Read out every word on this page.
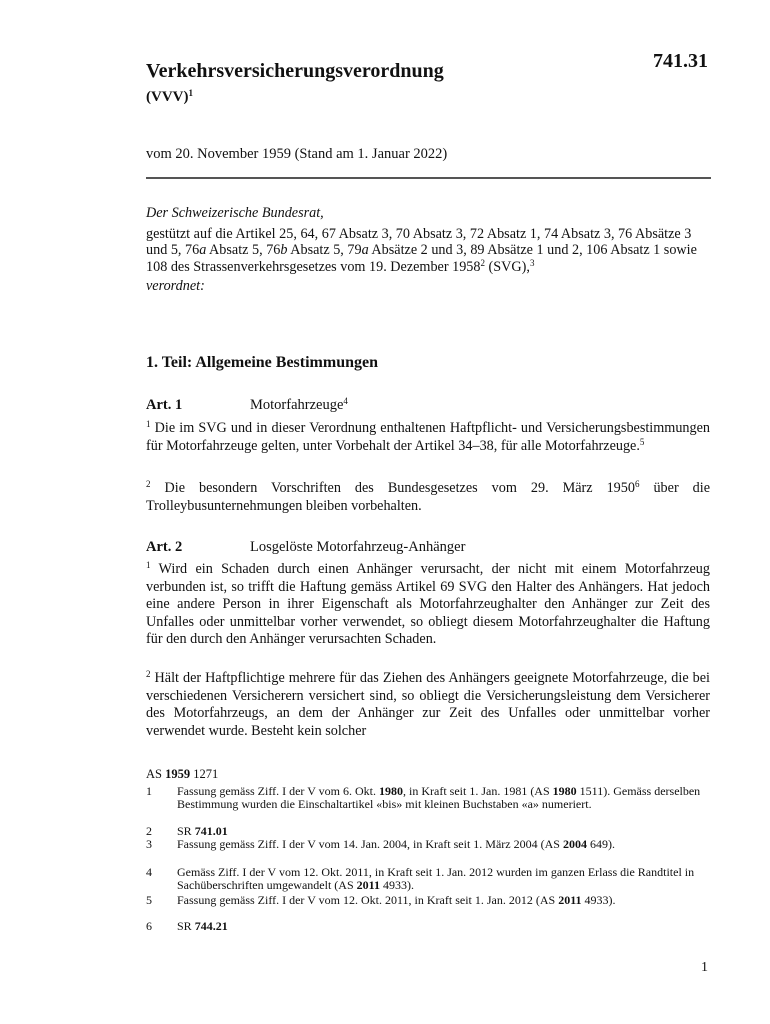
741.31
Verkehrsversicherungsverordnung
(VVV)$^1$
vom 20. November 1959 (Stand am 1. Januar 2022)

Der Schweizerische Bundesrat,

gestützt auf die Artikel 25, 64, 67 Absatz 3, 70 Absatz 3, 72 Absatz 1, 74 Absatz 3, 76 Absätze 3 und 5, 76a Absatz 5, 76b Absatz 5, 79a Absätze 2 und 3, 89 Absätze 1 und 2, 106 Absatz 1 sowie 108 des Strassenverkehrsgesetzes vom 19. Dezember 1958$^2$ (SVG),$^3$

verordnet:

1. Teil: Allgemeine Bestimmungen
Art. 1	Motorfahrzeuge$^4$

$^1$ Die im SVG und in dieser Verordnung enthaltenen Haftpflicht- und Versicherungsbestimmungen für Motorfahrzeuge gelten, unter Vorbehalt der Artikel 34–38, für alle Motorfahrzeuge.$^5$

$^2$ Die besondern Vorschriften des Bundesgesetzes vom 29. März 1950$^6$ über die Trolleybusunternehmungen bleiben vorbehalten.

Art. 2	Losgelöste Motorfahrzeug-Anhänger

$^1$ Wird ein Schaden durch einen Anhänger verursacht, der nicht mit einem Motorfahrzeug verbunden ist, so trifft die Haftung gemäss Artikel 69 SVG den Halter des Anhängers. Hat jedoch eine andere Person in ihrer Eigenschaft als Motorfahrzeughalter den Anhänger zur Zeit des Unfalles oder unmittelbar vorher verwendet, so obliegt diesem Motorfahrzeughalter die Haftung für den durch den Anhänger verursachten Schaden.

$^2$ Hält der Haftpflichtige mehrere für das Ziehen des Anhängers geeignete Motorfahrzeuge, die bei verschiedenen Versicherern versichert sind, so obliegt die Versicherungsleistung dem Versicherer des Motorfahrzeugs, an dem der Anhänger zur Zeit des Unfalles oder unmittelbar vorher verwendet wurde. Besteht kein solcher

AS 1959 1271
1	Fassung gemäss Ziff. I der V vom 6. Okt. 1980, in Kraft seit 1. Jan. 1981 (AS 1980 1511). Gemäss derselben Bestimmung wurden die Einschaltartikel «bis» mit kleinen Buchstaben «a» numeriert.
2	SR 741.01
3	Fassung gemäss Ziff. I der V vom 14. Jan. 2004, in Kraft seit 1. März 2004 (AS 2004 649).
4	Gemäss Ziff. I der V vom 12. Okt. 2011, in Kraft seit 1. Jan. 2012 wurden im ganzen Erlass die Randtitel in Sachüberschriften umgewandelt (AS 2011 4933).
5	Fassung gemäss Ziff. I der V vom 12. Okt. 2011, in Kraft seit 1. Jan. 2012 (AS 2011 4933).
6	SR 744.21
1
